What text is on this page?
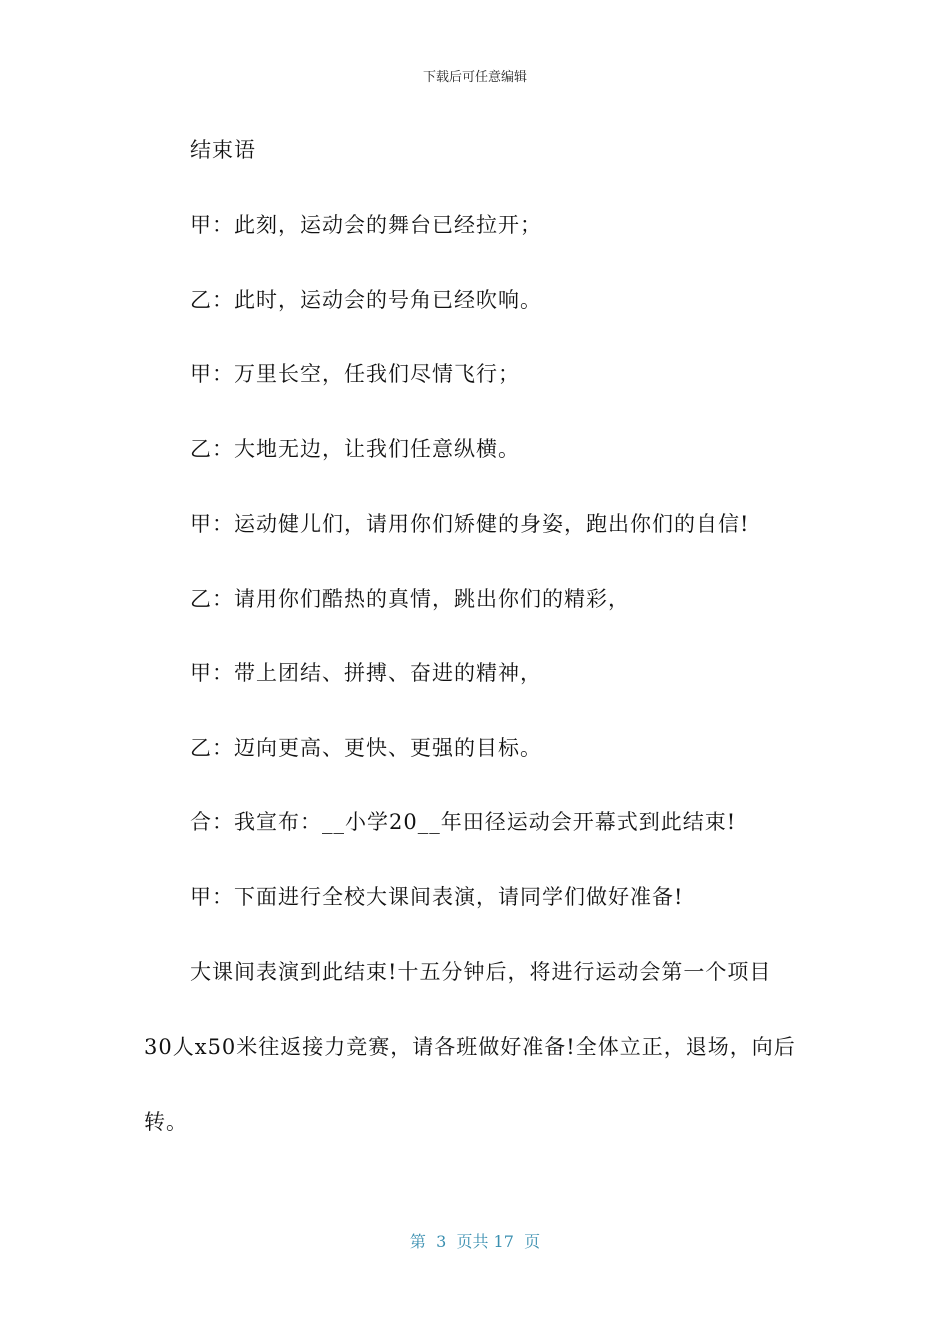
下载后可任意编辑
结束语
甲：此刻，运动会的舞台已经拉开；
乙：此时，运动会的号角已经吹响。
甲：万里长空，任我们尽情飞行；
乙：大地无边，让我们任意纵横。
甲：运动健儿们，请用你们矫健的身姿，跑出你们的自信!
乙：请用你们酷热的真情，跳出你们的精彩，
甲：带上团结、拼搏、奋进的精神，
乙：迈向更高、更快、更强的目标。
合：我宣布：__小学20__年田径运动会开幕式到此结束!
甲：下面进行全校大课间表演，请同学们做好准备!
大课间表演到此结束!十五分钟后，将进行运动会第一个项目
30人x50米往返接力竞赛，请各班做好准备!全体立正，退场，向后
转。
第  3  页共 17  页
